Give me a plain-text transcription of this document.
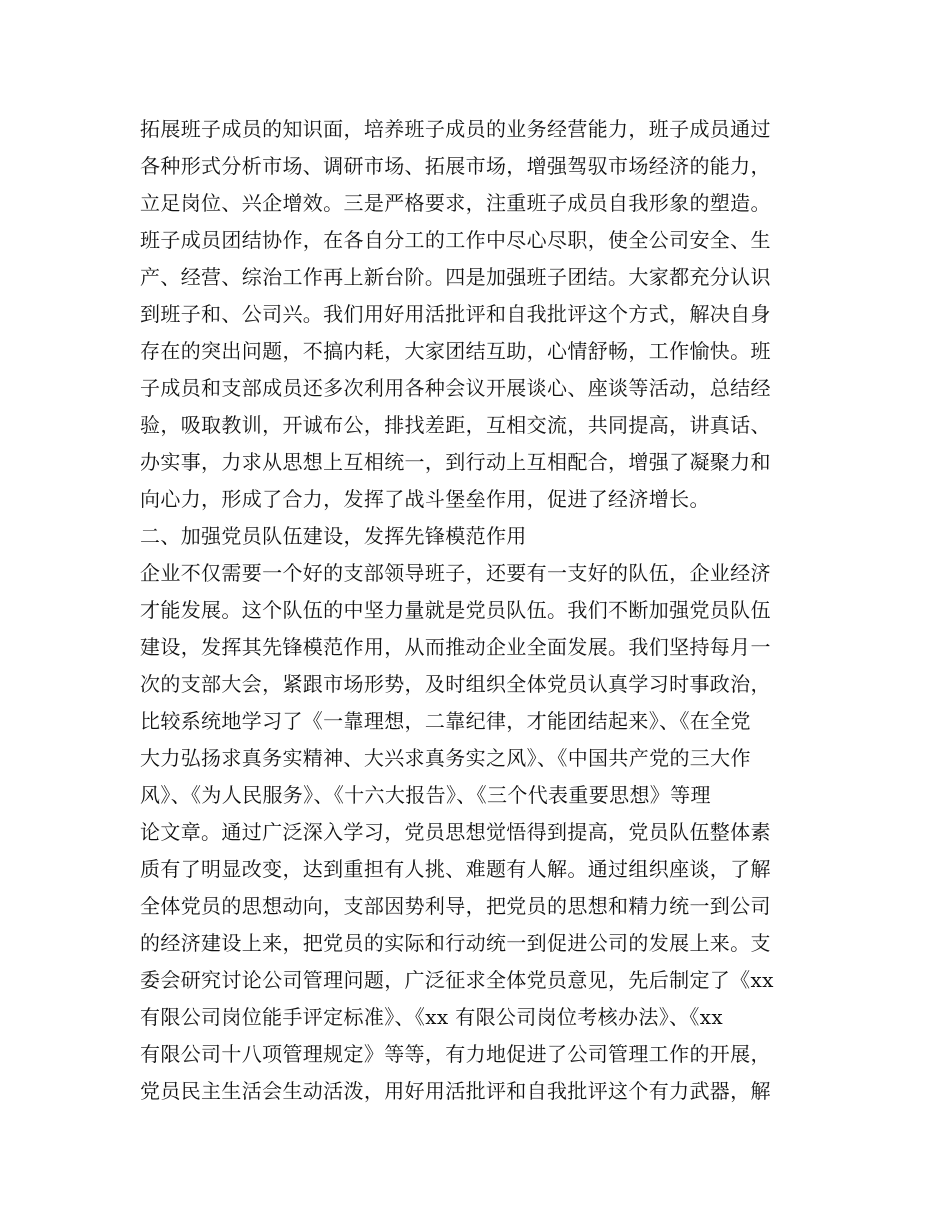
拓展班子成员的知识面，培养班子成员的业务经营能力，班子成员通过
各种形式分析市场、调研市场、拓展市场，增强驾驭市场经济的能力，
立足岗位、兴企增效。三是严格要求，注重班子成员自我形象的塑造。
班子成员团结协作，在各自分工的工作中尽心尽职，使全公司安全、生
产、经营、综治工作再上新台阶。四是加强班子团结。大家都充分认识
到班子和、公司兴。我们用好用活批评和自我批评这个方式，解决自身
存在的突出问题，不搞内耗，大家团结互助，心情舒畅，工作愉快。班
子成员和支部成员还多次利用各种会议开展谈心、座谈等活动，总结经
验，吸取教训，开诚布公，排找差距，互相交流，共同提高，讲真话、
办实事，力求从思想上互相统一，到行动上互相配合，增强了凝聚力和
向心力，形成了合力，发挥了战斗堡垒作用，促进了经济增长。
二、加强党员队伍建设，发挥先锋模范作用
企业不仅需要一个好的支部领导班子，还要有一支好的队伍，企业经济
才能发展。这个队伍的中坚力量就是党员队伍。我们不断加强党员队伍
建设，发挥其先锋模范作用，从而推动企业全面发展。我们坚持每月一
次的支部大会，紧跟市场形势，及时组织全体党员认真学习时事政治，
比较系统地学习了《一靠理想，二靠纪律，才能团结起来》、《在全党
大力弘扬求真务实精神、大兴求真务实之风》、《中国共产党的三大作
风》、《为人民服务》、《十六大报告》、《三个代表重要思想》等理
论文章。通过广泛深入学习，党员思想觉悟得到提高，党员队伍整体素
质有了明显改变，达到重担有人挑、难题有人解。通过组织座谈，了解
全体党员的思想动向，支部因势利导，把党员的思想和精力统一到公司
的经济建设上来，把党员的实际和行动统一到促进公司的发展上来。支
委会研究讨论公司管理问题，广泛征求全体党员意见，先后制定了《xx
有限公司岗位能手评定标准》、《xx 有限公司岗位考核办法》、《xx
有限公司十八项管理规定》等等，有力地促进了公司管理工作的开展，
党员民主生活会生动活泼，用好用活批评和自我批评这个有力武器，解
